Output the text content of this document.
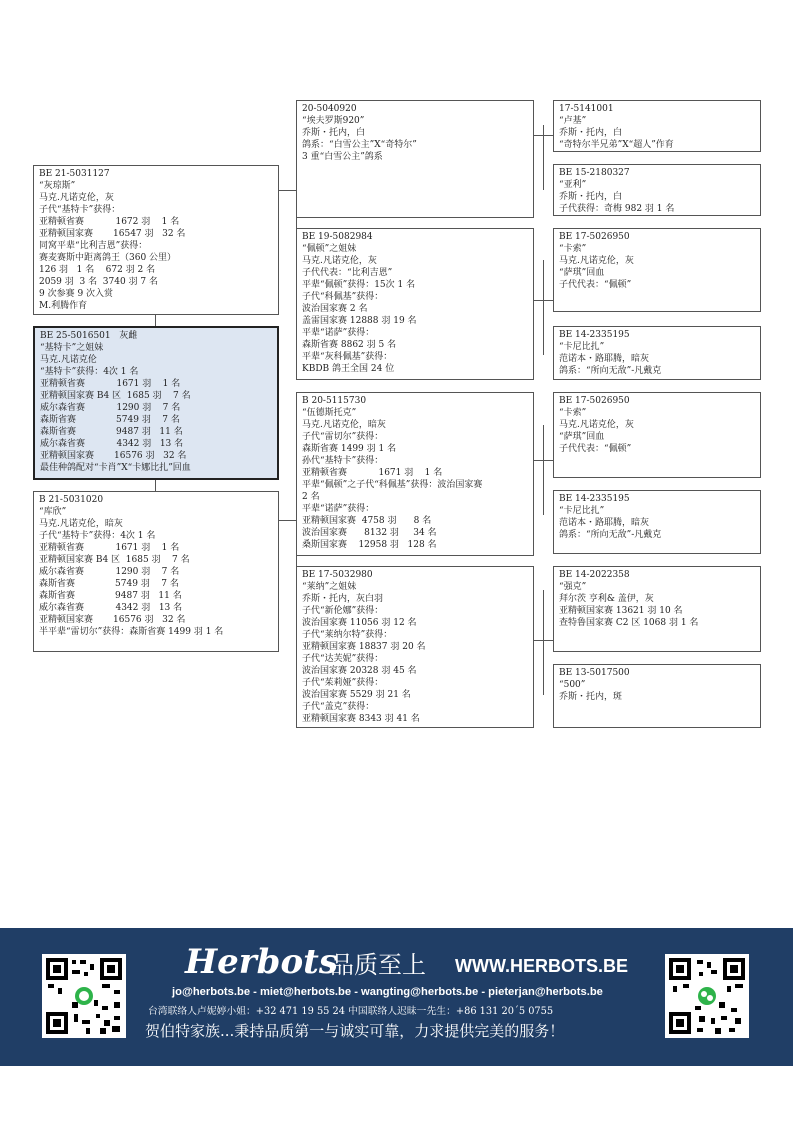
BE 21-5031127
“灰琼斯”
马克.凡诺克伦，灰
子代“基特卡”获得：
亚精顿省赛           1672 羽    1 名
亚精顿国家赛       16547 羽   32 名
同窝平辈“比利吉恩”获得：
赛麦赛斯中距离鸽王（360 公里）
126 羽   1 名    672 羽 2 名
2059 羽  3 名  3740 羽 7 名
9 次参赛 9 次入赏
M.利腾作育
BE 25-5016501   灰雌
“基特卡”之姐妹
马克.凡诺克伦
“基特卡”获得：4次 1 名
亚精顿省赛           1671 羽    1 名
亚精顿国家赛 B4 区  1685 羽    7 名
威尔森省赛           1290 羽    7 名
森斯省赛              5749 羽    7 名
森斯省赛              9487 羽   11 名
威尔森省赛           4342 羽   13 名
亚精顿国家赛       16576 羽   32 名
最佳种鸽配对“卡肖”X“卡娜比扎”回血
B 21-5031020
“库欣”
马克.凡诺克伦，暗灰
子代“基特卡”获得：4次 1 名
亚精顿省赛           1671 羽    1 名
亚精顿国家赛 B4 区  1685 羽    7 名
威尔森省赛           1290 羽    7 名
森斯省赛              5749 羽    7 名
森斯省赛              9487 羽   11 名
威尔森省赛           4342 羽   13 名
亚精顿国家赛       16576 羽   32 名
半平辈“雷切尔”获得：森斯省赛 1499 羽 1 名
20-5040920
“埃夫罗斯920”
乔斯・托内，白
鸽系：“白雪公主”X“奇特尔”
3 重“白雪公主”鸽系
BE 19-5082984
“佩顿”之姐妹
马克.凡诺克伦，灰
子代代表：“比利吉恩”
平辈“佩顿”获得：15次 1 名
子代“科佩基”获得：
波治国家赛 2 名
盖雷国家赛 12888 羽 19 名
平辈“诺萨”获得：
森斯省赛 8862 羽 5 名
平辈“灰科佩基”获得：
KBDB 鸽王全国 24 位
B 20-5115730
“伍德斯托克”
马克.凡诺克伦，暗灰
子代“雷切尔”获得：
森斯省赛 1499 羽 1 名
孙代“基特卡”获得：
亚精顿省赛           1671 羽    1 名
平辈“佩顿”之子代“科佩基”获得：波治国家赛
2 名
平辈“诺萨”获得：
亚精顿国家赛  4758 羽      8 名
波治国家赛      8132 羽     34 名
桑斯国家赛    12958 羽   128 名
BE 17-5032980
“莱纳”之姐妹
乔斯・托内，灰白羽
子代“新伦娜”获得：
波治国家赛 11056 羽 12 名
子代“莱纳尔特”获得：
亚精顿国家赛 18837 羽 20 名
子代“达芙妮”获得：
波治国家赛 20328 羽 45 名
子代“茱莉娅”获得：
波治国家赛 5529 羽 21 名
子代“盖克”获得：
亚精顿国家赛 8343 羽 41 名
17-5141001
“卢基”
乔斯・托内，白
“奇特尔半兄弟”X“超人”作育
BE 15-2180327
“亚利”
乔斯・托内，白
子代获得：奇梅 982 羽 1 名
BE 17-5026950
“卡索”
马克.凡诺克伦，灰
“萨琪”回血
子代代表：“佩顿”
BE 14-2335195
“卡尼比扎”
范诺本・路耶腾，暗灰
鸽系：“所向无敌”-凡戴克
BE 17-5026950
“卡索”
马克.凡诺克伦，灰
“萨琪”回血
子代代表：“佩顿”
BE 14-2335195
“卡尼比扎”
范诺本・路耶腾，暗灰
鸽系：“所向无敌”-凡戴克
BE 14-2022358
“强克”
拜尔茨 亨利& 盖伊，灰
亚精顿国家赛 13621 羽 10 名
查特鲁国家赛 C2 区 1068 羽 1 名
BE 13-5017500
“500”
乔斯・托内，斑
Herbots
品质至上 WWW.HERBOTS.BE
jo@herbots.be - miet@herbots.be - wangting@herbots.be - pieterjan@herbots.be
台湾联络人卢妮婷小姐：+32 471 19 55 24 中国联络人迟昧一先生：+86 131 20´5 0755
贺伯特家族...秉持品质第一与诚实可靠，力求提供完美的服务！
